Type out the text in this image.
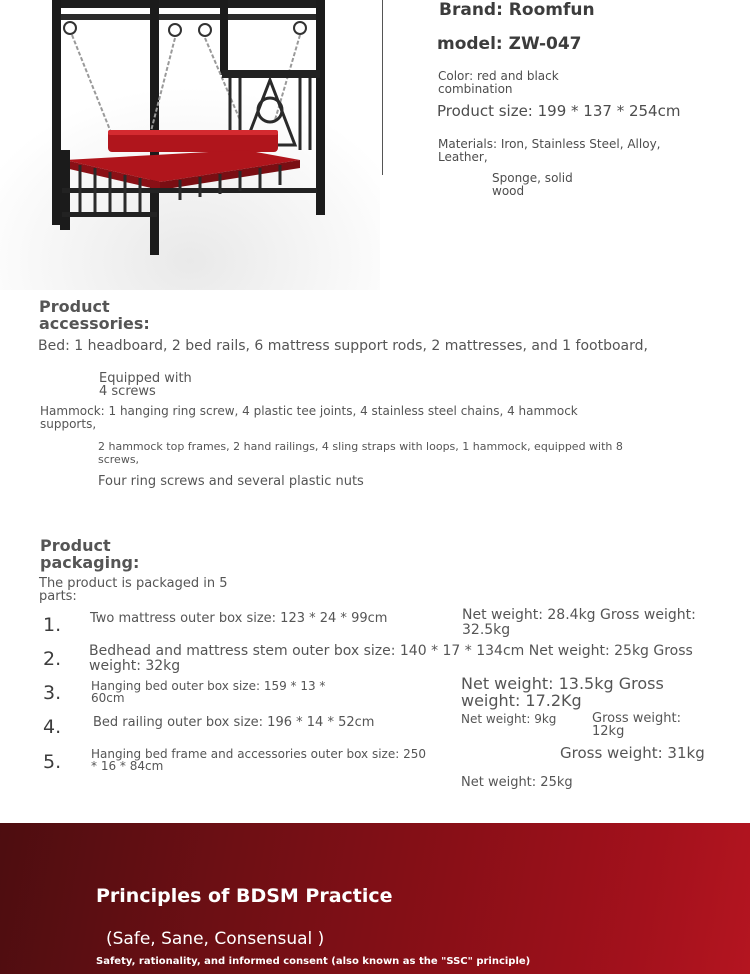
Brand: Roomfun
model: ZW-047
Color: red and black
combination
Product size: 199 * 137 * 254cm
Materials: Iron, Stainless Steel, Alloy,
Leather,
Sponge, solid
wood
Product
accessories:
Bed: 1 headboard, 2 bed rails, 6 mattress support rods, 2 mattresses, and 1 footboard,
Equipped with
4 screws
Hammock: 1 hanging ring screw, 4 plastic tee joints, 4 stainless steel chains, 4 hammock
supports,
2 hammock top frames, 2 hand railings, 4 sling straps with loops, 1 hammock, equipped with 8
screws,
Four ring screws and several plastic nuts
Product
packaging:
The product is packaged in 5
parts:
1. Two mattress outer box size: 123 * 24 * 99cm	Net weight: 28.4kg Gross weight:
32.5kg
2. Bedhead and mattress stem outer box size: 140 * 17 * 134cm Net weight: 25kg Gross
weight: 32kg
3. Hanging bed outer box size: 159 * 13 *
60cm
Net weight: 13.5kg Gross
weight: 17.2Kg
4. Bed railing outer box size: 196 * 14 * 52cm	Net weight: 9kg	Gross weight:
12kg
5. Hanging bed frame and accessories outer box size: 250
* 16 * 84cm
Gross weight: 31kg
Net weight: 25kg
Principles of BDSM Practice
(Safe, Sane, Consensual )
Safety, rationality, and informed consent (also known as the "SSC" principle)
